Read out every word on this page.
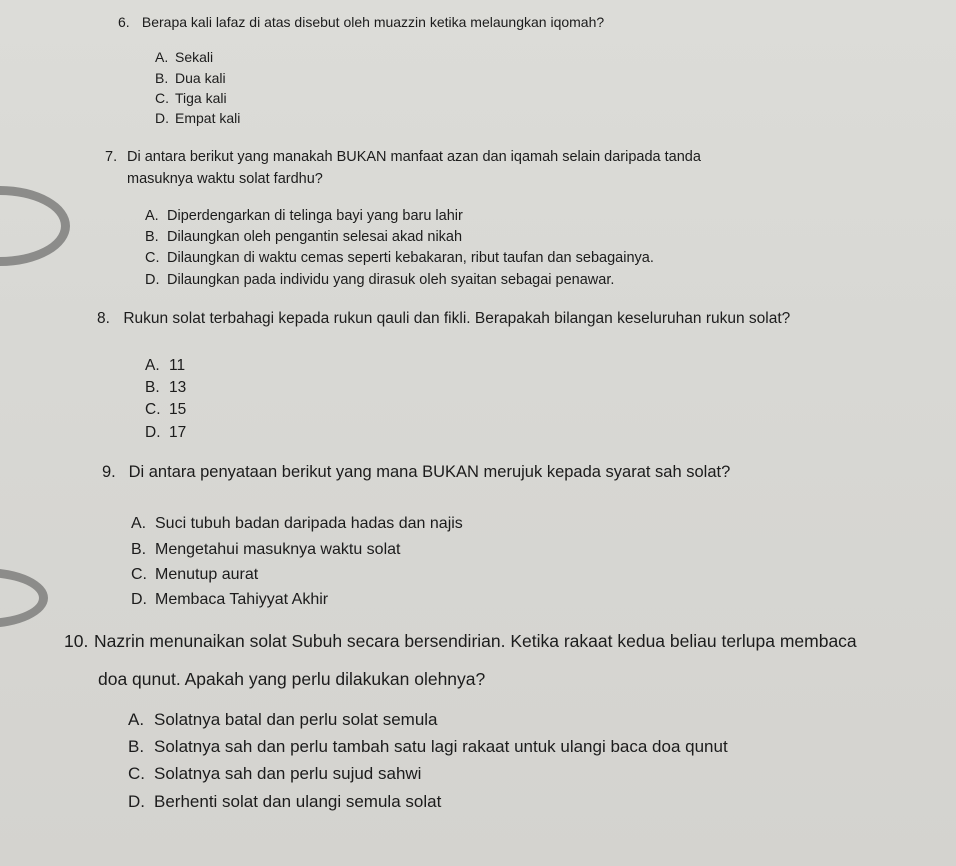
6. Berapa kali lafaz di atas disebut oleh muazzin ketika melaungkan iqomah?
A. Sekali
B. Dua kali
C. Tiga kali
D. Empat kali
7. Di antara berikut yang manakah BUKAN manfaat azan dan iqamah selain daripada tanda
masuknya waktu solat fardhu?
A. Diperdengarkan di telinga bayi yang baru lahir
B. Dilaungkan oleh pengantin selesai akad nikah
C. Dilaungkan di waktu cemas seperti kebakaran, ribut taufan dan sebagainya.
D. Dilaungkan pada individu yang dirasuk oleh syaitan sebagai penawar.
8. Rukun solat terbahagi kepada rukun qauli dan fikli. Berapakah bilangan keseluruhan rukun solat?
A. 11
B. 13
C. 15
D. 17
9. Di antara penyataan berikut yang mana BUKAN merujuk kepada syarat sah solat?
A. Suci tubuh badan daripada hadas dan najis
B. Mengetahui masuknya waktu solat
C. Menutup aurat
D. Membaca Tahiyyat Akhir
10. Nazrin menunaikan solat Subuh secara bersendirian. Ketika rakaat kedua beliau terlupa membaca
doa qunut. Apakah yang perlu dilakukan olehnya?
A. Solatnya batal dan perlu solat semula
B. Solatnya sah dan perlu tambah satu lagi rakaat untuk ulangi baca doa qunut
C. Solatnya sah dan perlu sujud sahwi
D. Berhenti solat dan ulangi semula solat
